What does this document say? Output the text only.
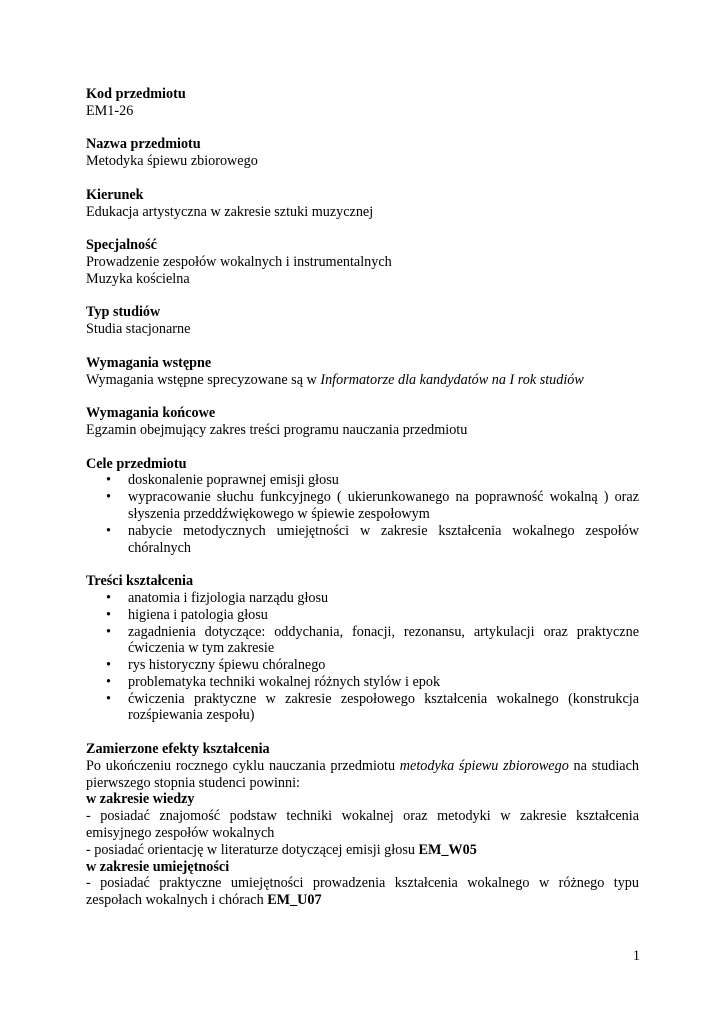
Kod przedmiotu
EM1-26
Nazwa przedmiotu
Metodyka śpiewu zbiorowego
Kierunek
Edukacja artystyczna w zakresie sztuki muzycznej
Specjalność
Prowadzenie zespołów wokalnych i instrumentalnych
Muzyka kościelna
Typ studiów
Studia stacjonarne
Wymagania wstępne
Wymagania wstępne sprecyzowane są w Informatorze dla kandydatów na I rok studiów
Wymagania końcowe
Egzamin obejmujący zakres treści programu nauczania przedmiotu
Cele przedmiotu
• doskonalenie poprawnej emisji głosu
• wypracowanie słuchu funkcyjnego ( ukierunkowanego na poprawność wokalną ) oraz słyszenia przeddźwiękowego w śpiewie zespołowym
• nabycie metodycznych umiejętności w zakresie kształcenia wokalnego zespołów chóralnych
Treści kształcenia
• anatomia i fizjologia narządu głosu
• higiena i patologia głosu
• zagadnienia dotyczące: oddychania, fonacji, rezonansu, artykulacji oraz praktyczne ćwiczenia w tym zakresie
• rys historyczny śpiewu chóralnego
• problematyka techniki wokalnej różnych stylów i epok
• ćwiczenia praktyczne w zakresie zespołowego kształcenia wokalnego (konstrukcja rozśpiewania zespołu)
Zamierzone efekty kształcenia
Po ukończeniu rocznego cyklu nauczania przedmiotu metodyka śpiewu zbiorowego na studiach pierwszego stopnia studenci powinni:
w zakresie wiedzy
- posiadać znajomość podstaw techniki wokalnej oraz metodyki w zakresie kształcenia emisyjnego zespołów wokalnych
- posiadać orientację w literaturze dotyczącej emisji głosu EM_W05
w zakresie umiejętności
- posiadać praktyczne umiejętności prowadzenia kształcenia wokalnego w różnego typu zespołach wokalnych i chórach EM_U07
1
